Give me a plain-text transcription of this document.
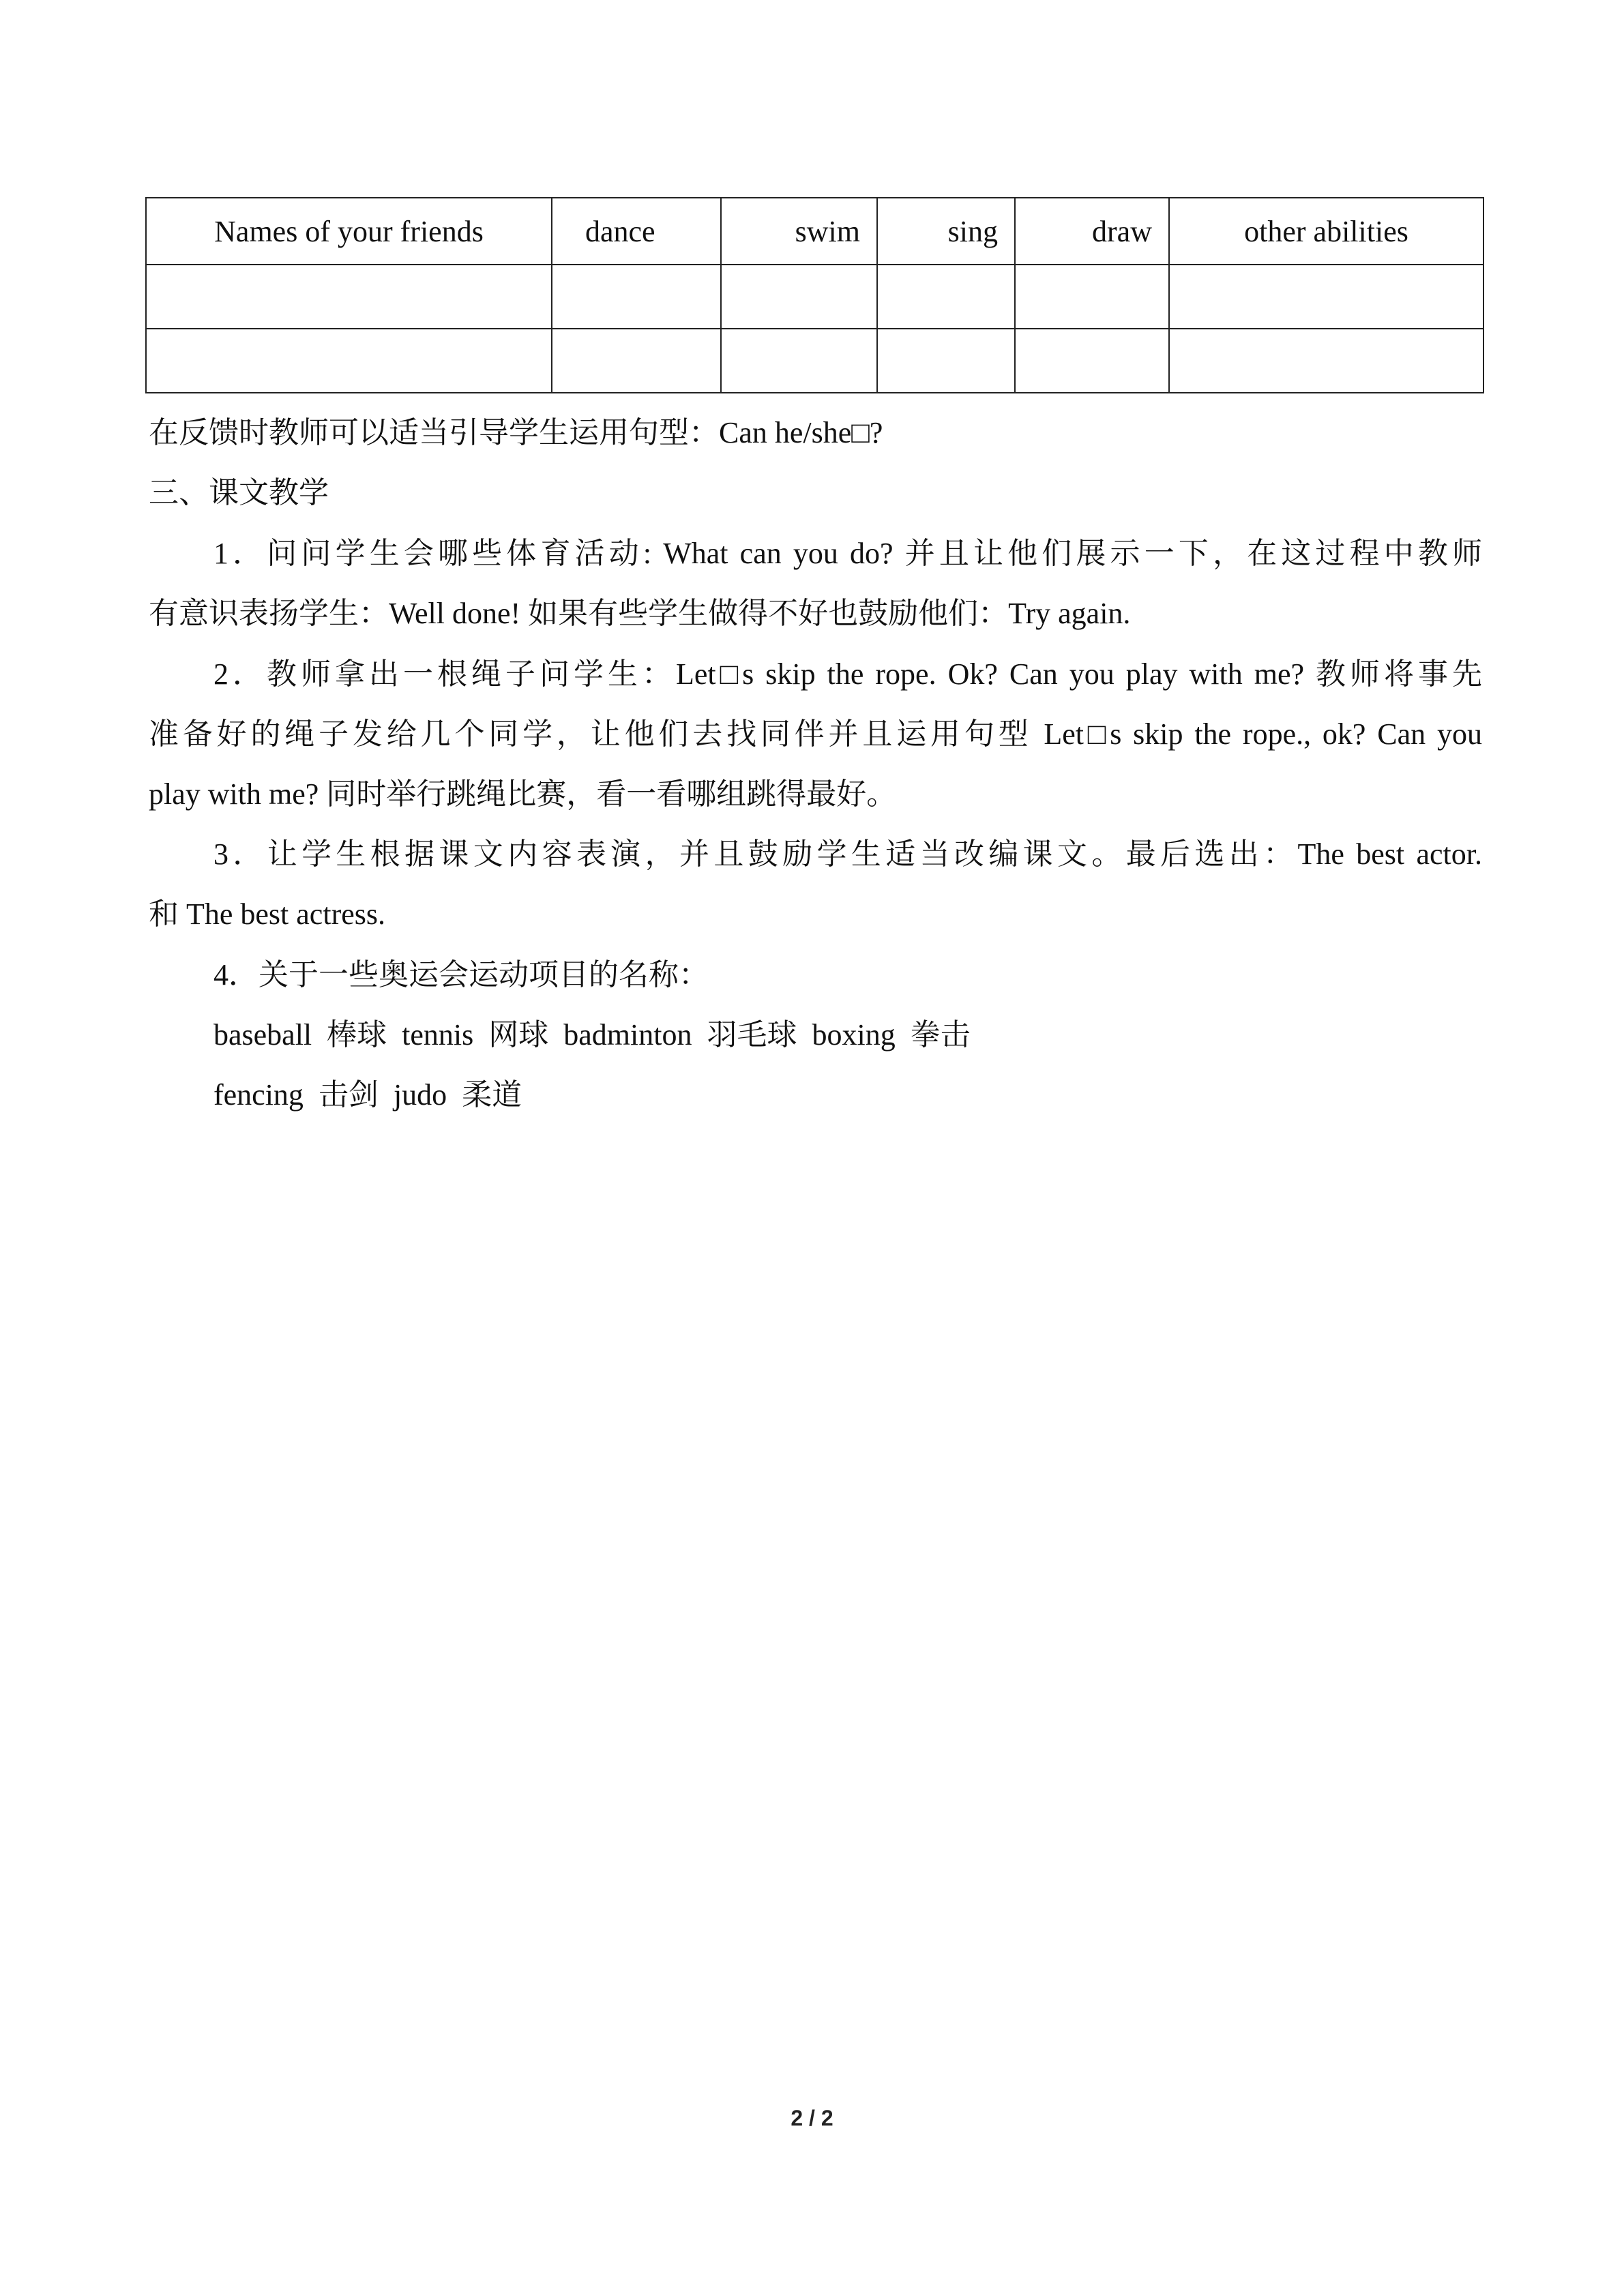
Names of your friends	dance	swim	sing	draw	other abilities

在反馈时教师可以适当引导学生运用句型：Can he/she□?
三、课文教学
1．问问学生会哪些体育活动: What can you do? 并且让他们展示一下，在这过程中教师
有意识表扬学生：Well done! 如果有些学生做得不好也鼓励他们：Try again.
2．教师拿出一根绳子问学生：Let□s skip the rope. Ok? Can you play with me? 教师将事先
准备好的绳子发给几个同学，让他们去找同伴并且运用句型 Let□s skip the rope., ok? Can you
play with me? 同时举行跳绳比赛，看一看哪组跳得最好。
3．让学生根据课文内容表演，并且鼓励学生适当改编课文。最后选出：The best actor.
和 The best actress.
4．关于一些奥运会运动项目的名称：
baseball 棒球 tennis 网球 badminton 羽毛球 boxing 拳击
fencing 击剑 judo 柔道
2 / 2
